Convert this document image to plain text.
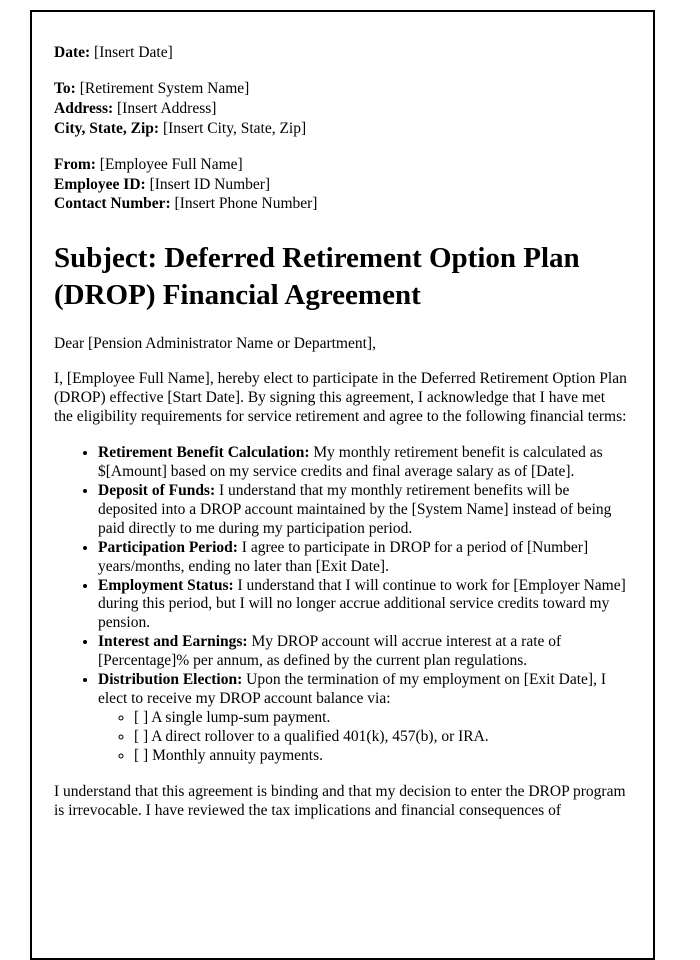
Date: [Insert Date]

To: [Retirement System Name]

Address: [Insert Address]

City, State, Zip: [Insert City, State, Zip]

From: [Employee Full Name]

Employee ID: [Insert ID Number]

Contact Number: [Insert Phone Number]

Subject: Deferred Retirement Option Plan (DROP) Financial Agreement

Dear [Pension Administrator Name or Department],

I, [Employee Full Name], hereby elect to participate in the Deferred Retirement Option Plan (DROP) effective [Start Date]. By signing this agreement, I acknowledge that I have met the eligibility requirements for service retirement and agree to the following financial terms:

• Retirement Benefit Calculation: My monthly retirement benefit is calculated as $[Amount] based on my service credits and final average salary as of [Date].
• Deposit of Funds: I understand that my monthly retirement benefits will be deposited into a DROP account maintained by the [System Name] instead of being paid directly to me during my participation period.
• Participation Period: I agree to participate in DROP for a period of [Number] years/months, ending no later than [Exit Date].
• Employment Status: I understand that I will continue to work for [Employer Name] during this period, but I will no longer accrue additional service credits toward my pension.
• Interest and Earnings: My DROP account will accrue interest at a rate of [Percentage]% per annum, as defined by the current plan regulations.
• Distribution Election: Upon the termination of my employment on [Exit Date], I elect to receive my DROP account balance via:
◦ [ ] A single lump-sum payment.
◦ [ ] A direct rollover to a qualified 401(k), 457(b), or IRA.
◦ [ ] Monthly annuity payments.

I understand that this agreement is binding and that my decision to enter the DROP program is irrevocable. I have reviewed the tax implications and financial consequences of
